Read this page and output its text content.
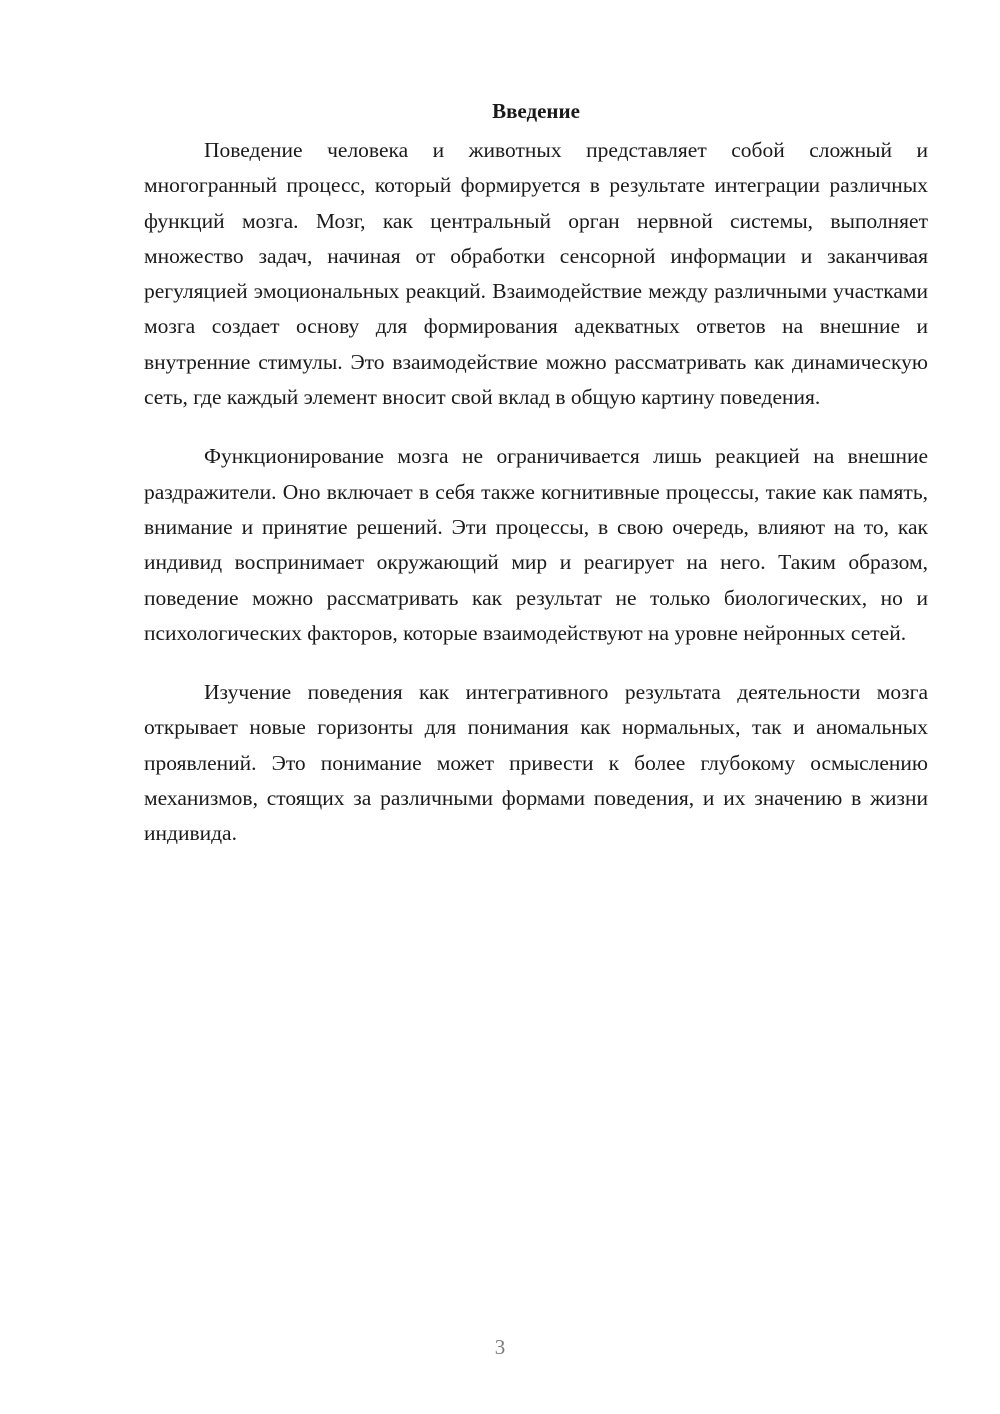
Введение

Поведение человека и животных представляет собой сложный и многогранный процесс, который формируется в результате интеграции различных функций мозга. Мозг, как центральный орган нервной системы, выполняет множество задач, начиная от обработки сенсорной информации и заканчивая регуляцией эмоциональных реакций. Взаимодействие между различными участками мозга создает основу для формирования адекватных ответов на внешние и внутренние стимулы. Это взаимодействие можно рассматривать как динамическую сеть, где каждый элемент вносит свой вклад в общую картину поведения.

Функционирование мозга не ограничивается лишь реакцией на внешние раздражители. Оно включает в себя также когнитивные процессы, такие как память, внимание и принятие решений. Эти процессы, в свою очередь, влияют на то, как индивид воспринимает окружающий мир и реагирует на него. Таким образом, поведение можно рассматривать как результат не только биологических, но и психологических факторов, которые взаимодействуют на уровне нейронных сетей.

Изучение поведения как интегративного результата деятельности мозга открывает новые горизонты для понимания как нормальных, так и аномальных проявлений. Это понимание может привести к более глубокому осмыслению механизмов, стоящих за различными формами поведения, и их значению в жизни индивида.

3
